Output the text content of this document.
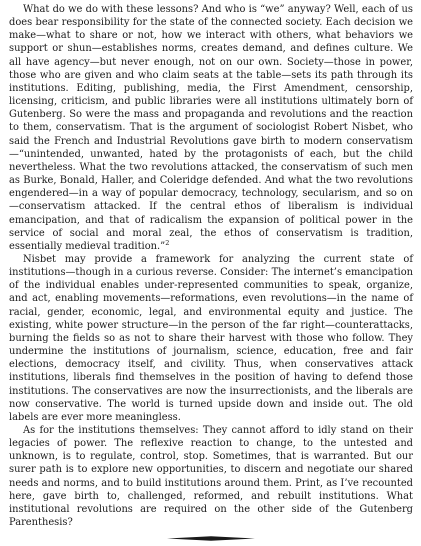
What do we do with these lessons? And who is “we” anyway? Well, each of us does bear responsibility for the state of the connected society. Each decision we make—what to share or not, how we interact with others, what behaviors we support or shun—establishes norms, creates demand, and defines culture. We all have agency—but never enough, not on our own. Society—those in power, those who are given and who claim seats at the table—sets its path through its institutions. Editing, publishing, media, the First Amendment, censorship, licensing, criticism, and public libraries were all institutions ultimately born of Gutenberg. So were the mass and propaganda and revolutions and the reaction to them, conservatism. That is the argument of sociologist Robert Nisbet, who said the French and Industrial Revolutions gave birth to modern conservatism—“unintended, unwanted, hated by the protagonists of each, but the child nevertheless. What the two revolutions attacked, the conservatism of such men as Burke, Bonald, Haller, and Coleridge defended. And what the two revolutions engendered—in a way of popular democracy, technology, secularism, and so on—conservatism attacked. If the central ethos of liberalism is individual emancipation, and that of radicalism the expansion of political power in the service of social and moral zeal, the ethos of conservatism is tradition, essentially medieval tradition.”$^2$

Nisbet may provide a framework for analyzing the current state of institutions—though in a curious reverse. Consider: The internet’s emancipation of the individual enables under-represented communities to speak, organize, and act, enabling movements—reformations, even revolutions—in the name of racial, gender, economic, legal, and environmental equity and justice. The existing, white power structure—in the person of the far right—counterattacks, burning the fields so as not to share their harvest with those who follow. They undermine the institutions of journalism, science, education, free and fair elections, democracy itself, and civility. Thus, when conservatives attack institutions, liberals find themselves in the position of having to defend those institutions. The conservatives are now the insurrectionists, and the liberals are now conservative. The world is turned upside down and inside out. The old labels are ever more meaningless.

As for the institutions themselves: They cannot afford to idly stand on their legacies of power. The reflexive reaction to change, to the untested and unknown, is to regulate, control, stop. Sometimes, that is warranted. But our surer path is to explore new opportunities, to discern and negotiate our shared needs and norms, and to build institutions around them. Print, as I’ve recounted here, gave birth to, challenged, reformed, and rebuilt institutions. What institutional revolutions are required on the other side of the Gutenberg Parenthesis?
